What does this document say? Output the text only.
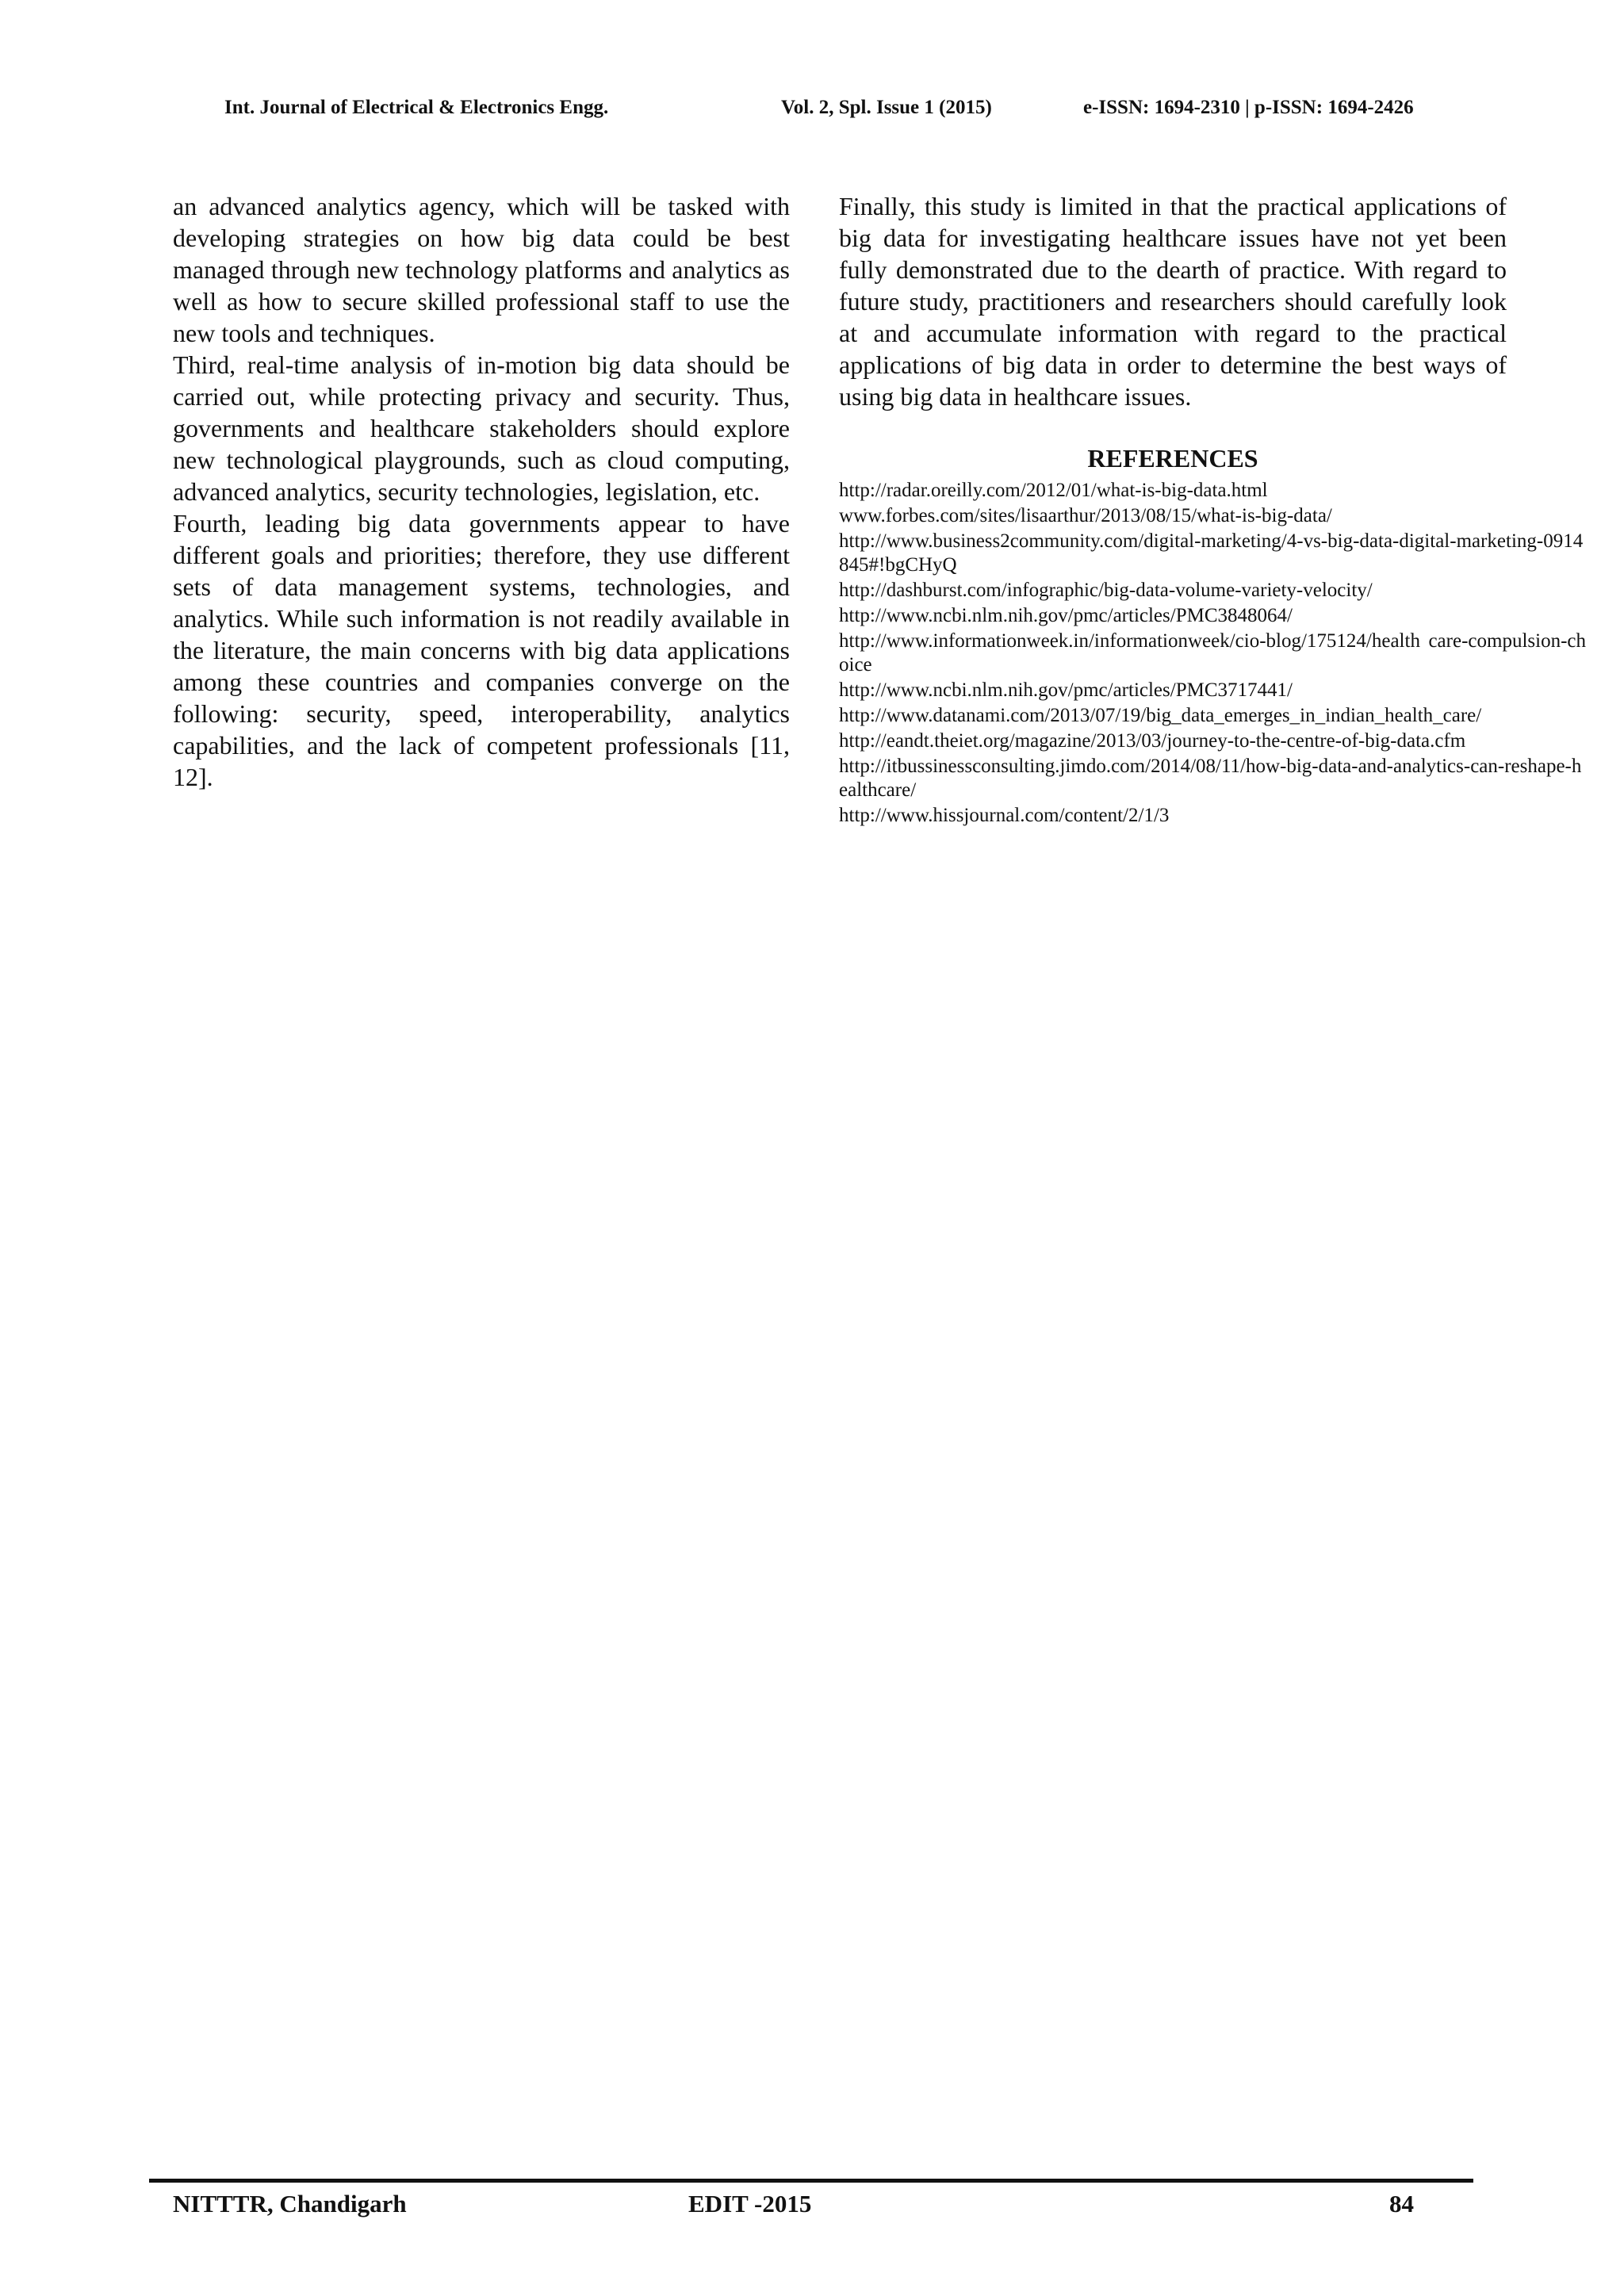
Int. Journal of Electrical & Electronics Engg.	Vol. 2, Spl. Issue 1 (2015)	e-ISSN: 1694-2310 | p-ISSN: 1694-2426

an advanced analytics agency, which will be tasked with developing strategies on how big data could be best managed through new technology platforms and analytics as well as how to secure skilled professional staff to use the new tools and techniques.

Third, real-time analysis of in-motion big data should be carried out, while protecting privacy and security. Thus, governments and healthcare stakeholders should explore new technological playgrounds, such as cloud computing, advanced analytics, security technologies, legislation, etc.

Fourth, leading big data governments appear to have different goals and priorities; therefore, they use different sets of data management systems, technologies, and analytics. While such information is not readily available in the literature, the main concerns with big data applications among these countries and companies converge on the following: security, speed, interoperability, analytics capabilities, and the lack of competent professionals [11, 12].

Finally, this study is limited in that the practical applications of big data for investigating healthcare issues have not yet been fully demonstrated due to the dearth of practice. With regard to future study, practitioners and researchers should carefully look at and accumulate information with regard to the practical applications of big data in order to determine the best ways of using big data in healthcare issues.

REFERENCES
http://radar.oreilly.com/2012/01/what-is-big-data.html
www.forbes.com/sites/lisaarthur/2013/08/15/what-is-big-data/
http://www.business2community.com/digital-marketing/4-vs-big-data-digital-marketing-0914845#!bgCHyQ
http://dashburst.com/infographic/big-data-volume-variety-velocity/
http://www.ncbi.nlm.nih.gov/pmc/articles/PMC3848064/
http://www.informationweek.in/informationweek/cio-blog/175124/health care-compulsion-choice
http://www.ncbi.nlm.nih.gov/pmc/articles/PMC3717441/
http://www.datanami.com/2013/07/19/big_data_emerges_in_indian_health_care/
http://eandt.theiet.org/magazine/2013/03/journey-to-the-centre-of-big-data.cfm
http://itbussinessconsulting.jimdo.com/2014/08/11/how-big-data-and-analytics-can-reshape-healthcare/
http://www.hissjournal.com/content/2/1/3
NITTTR, Chandigarh	EDIT -2015	84
